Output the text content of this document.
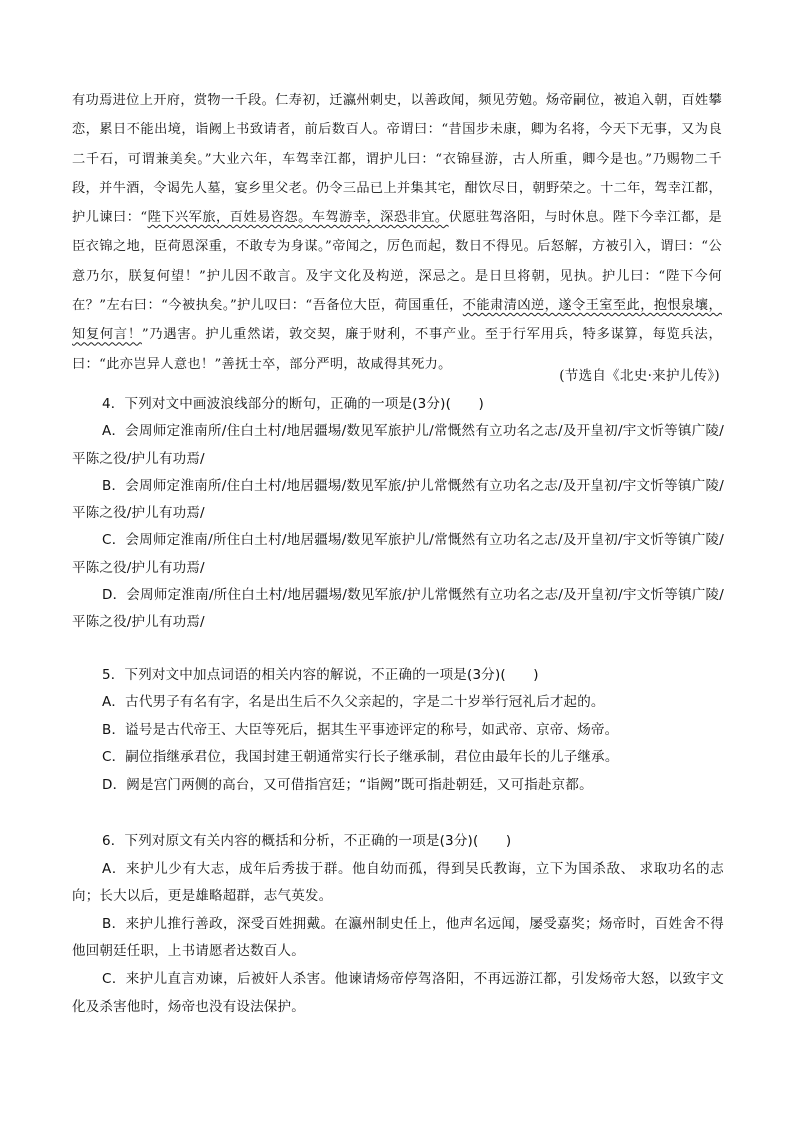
有功焉进位上开府，赏物一千段。仁寿初，迁瀛州刺史，以善政闻，频见劳勉。炀帝嗣位，被追入朝，百姓攀恋，累日不能出境，诣阙上书致请者，前后数百人。帝谓曰：“昔国步未康，卿为名将，今天下无事，又为良二千石，可谓兼美矣。”大业六年，车驾幸江都，谓护儿曰：“衣锦昼游，古人所重，卿今是也。”乃赐物二千段，并牛酒，令谒先人墓，宴乡里父老。仍令三品已上并集其宅，酣饮尽日，朝野荣之。十二年，驾幸江都，护儿谏曰：“陛下兴军旅，百姓易咨怨。车驾游幸，深恐非宜。伏愿驻驾洛阳，与时休息。陛下今幸江都，是臣衣锦之地，臣荷恩深重，不敢专为身谋。”帝闻之，厉色而起，数日不得见。后怒解，方被引入，谓曰：“公意乃尔，朕复何望！”护儿因不敢言。及宇文化及构逆，深忌之。是日旦将朝，见执。护儿曰：“陛下今何在？”左右曰：“今被执矣。”护儿叹曰：“吾备位大臣，荷国重任，不能肃清凶逆，遂令王室至此，抱恨泉壤，知复何言！”乃遇害。护儿重然诺，敦交契，廉于财利，不事产业。至于行军用兵，特多谋算，每览兵法，曰：“此亦岂异人意也！”善抚士卒，部分严明，故咸得其死力。

(节选自《北史·来护儿传》)

4．下列对文中画波浪线部分的断句，正确的一项是(3分)(　　)

A．会周师定淮南所/住白土村/地居疆埸/数见军旅护儿/常慨然有立功名之志/及开皇初/宇文忻等镇广陵/平陈之役/护儿有功焉/

B．会周师定淮南所/住白土村/地居疆埸/数见军旅/护儿常慨然有立功名之志/及开皇初/宇文忻等镇广陵/平陈之役/护儿有功焉/

C．会周师定淮南/所住白土村/地居疆埸/数见军旅护儿/常慨然有立功名之志/及开皇初/宇文忻等镇广陵/平陈之役/护儿有功焉/

D．会周师定淮南/所住白土村/地居疆埸/数见军旅/护儿常慨然有立功名之志/及开皇初/宇文忻等镇广陵/平陈之役/护儿有功焉/

5．下列对文中加点词语的相关内容的解说，不正确的一项是(3分)(　　)

A．古代男子有名有字，名是出生后不久父亲起的，字是二十岁举行冠礼后才起的。

B．谥号是古代帝王、大臣等死后，据其生平事迹评定的称号，如武帝、京帝、炀帝。

C．嗣位指继承君位，我国封建王朝通常实行长子继承制，君位由最年长的儿子继承。

D．阙是宫门两侧的高台，又可借指宫廷；“诣阙”既可指赴朝廷，又可指赴京都。

6．下列对原文有关内容的概括和分析，不正确的一项是(3分)(　　)

A．来护儿少有大志，成年后秀拔于群。他自幼而孤，得到吴氏教诲，立下为国杀敌、 求取功名的志向；长大以后，更是雄略超群，志气英发。

B．来护儿推行善政，深受百姓拥戴。在瀛州制史任上，他声名远闻，屡受嘉奖；炀帝时，百姓舍不得他回朝廷任职，上书请愿者达数百人。

C．来护儿直言劝谏，后被奸人杀害。他谏请炀帝停驾洛阳，不再远游江都，引发炀帝大怒，以致宇文化及杀害他时，炀帝也没有设法保护。
